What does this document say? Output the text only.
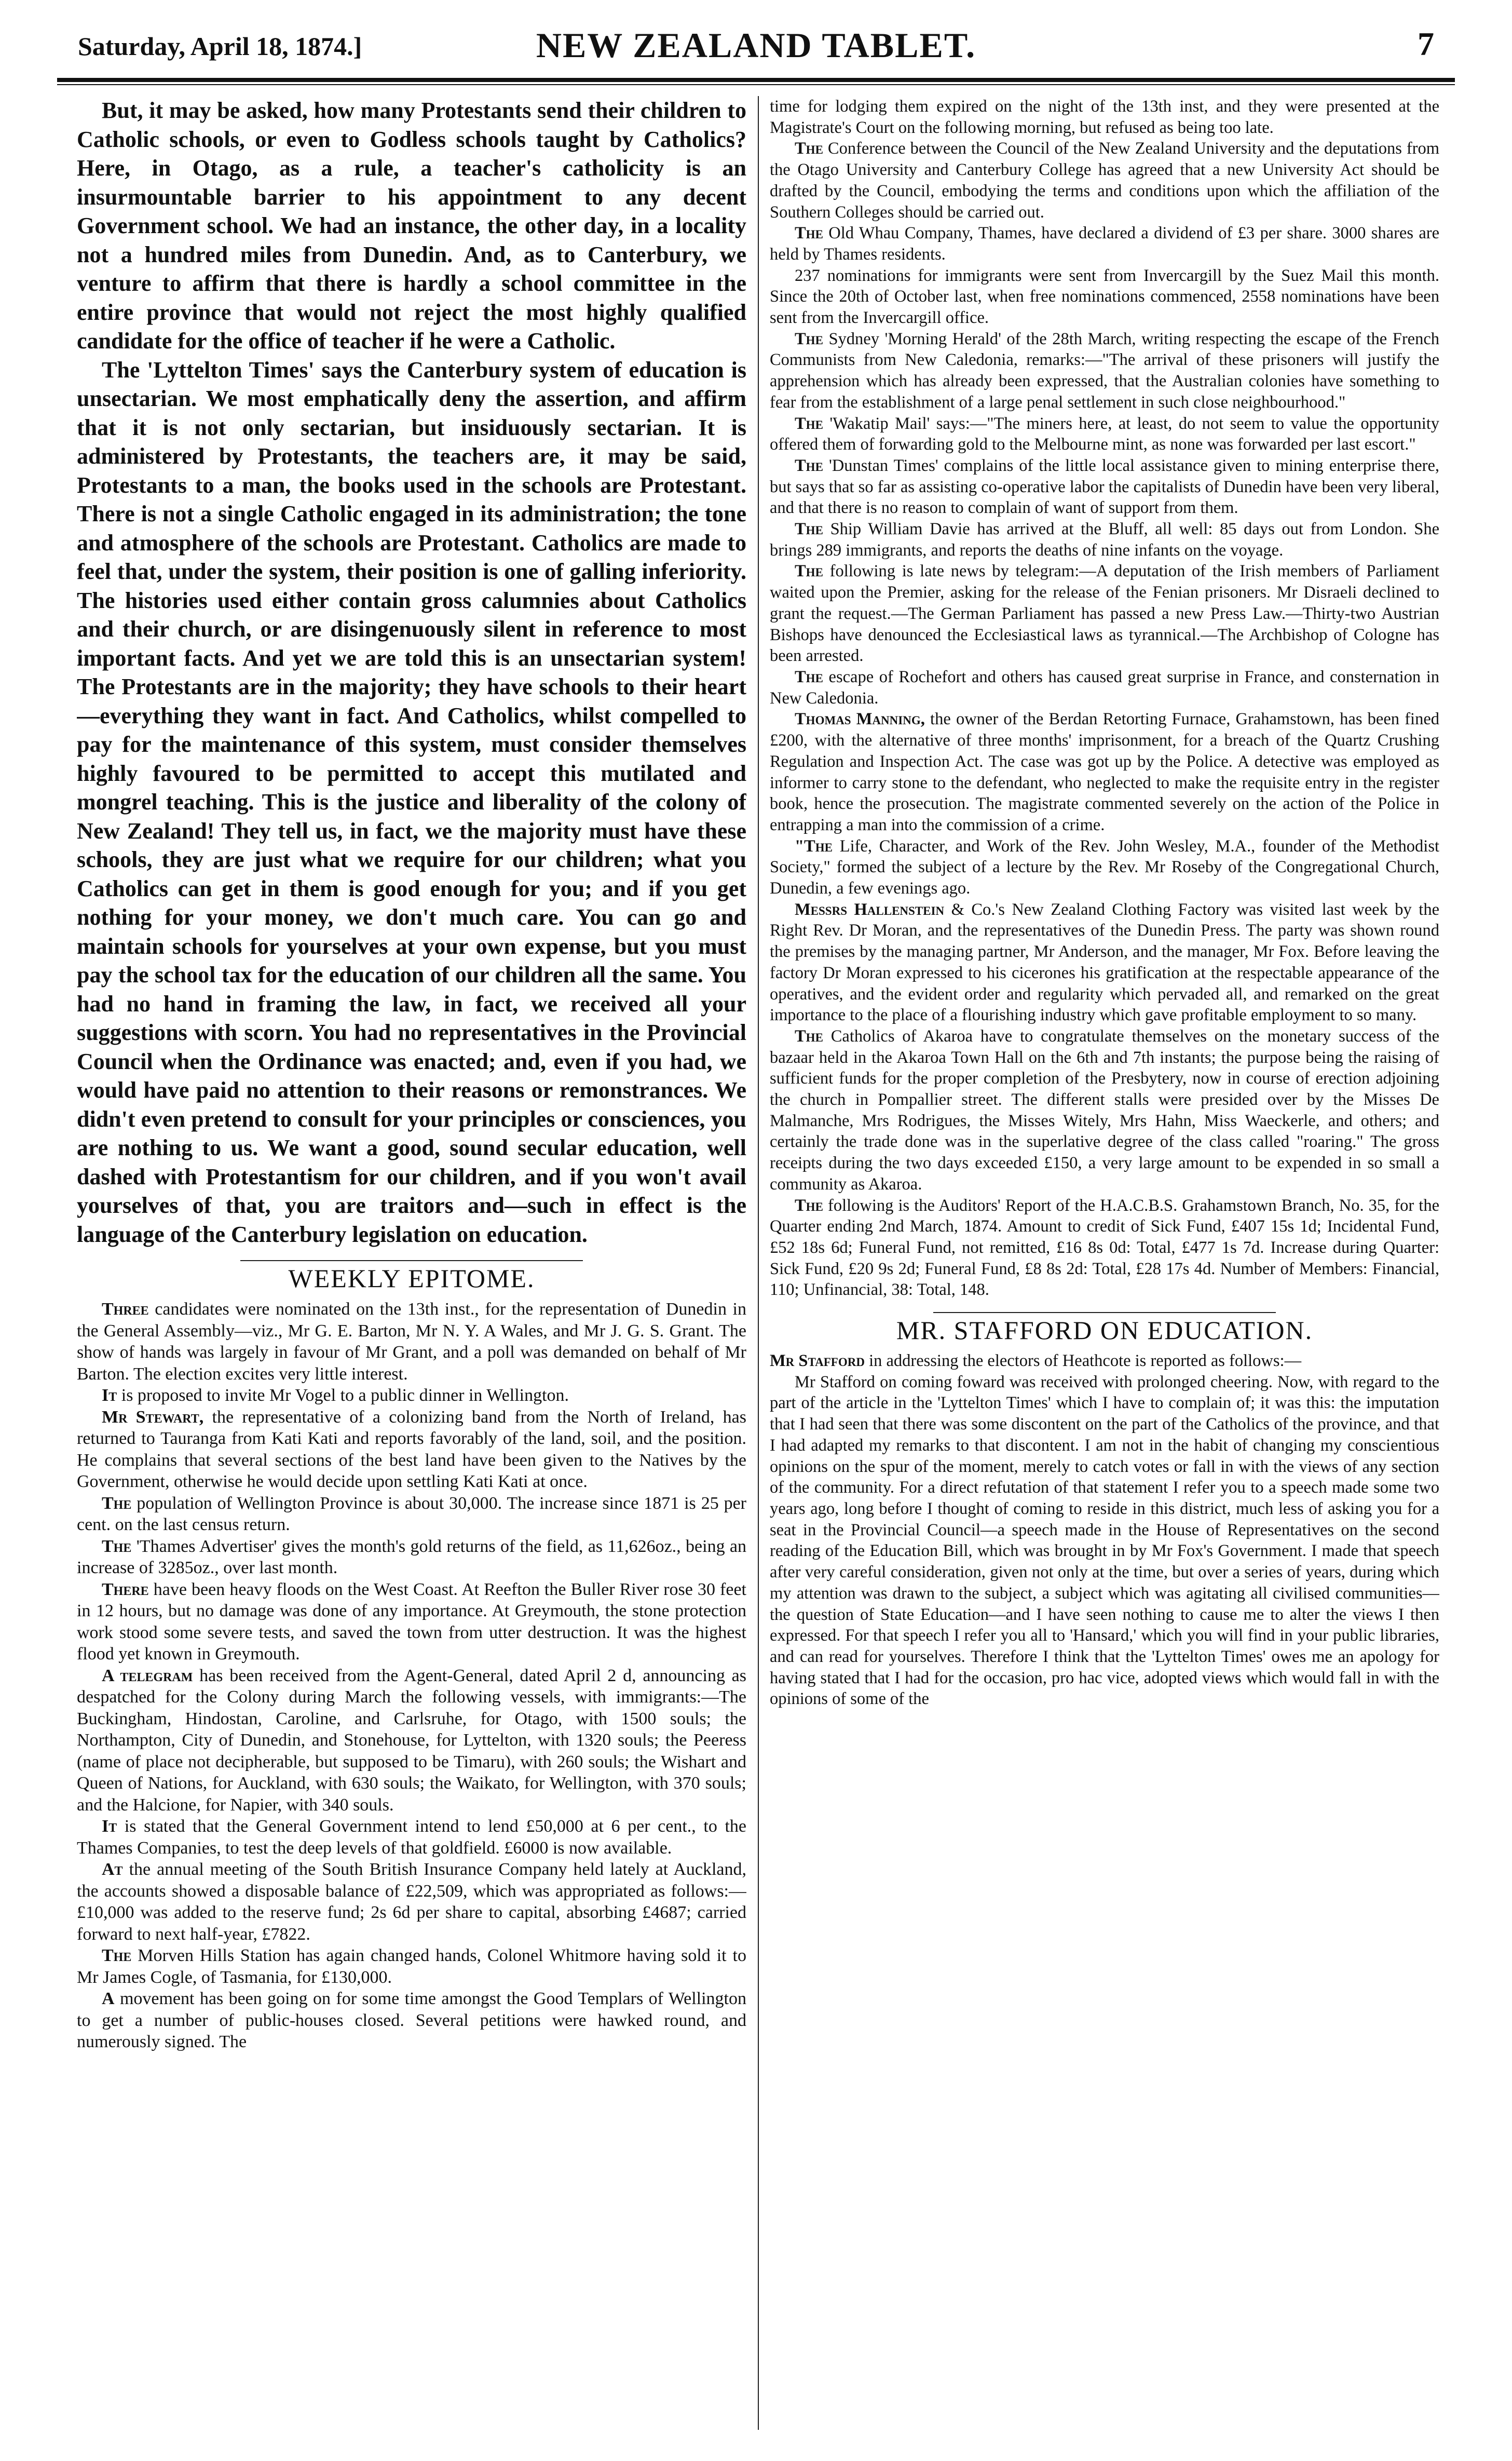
Saturday, April 18, 1874.]	NEW ZEALAND TABLET.	7

But, it may be asked, how many Protestants send their children to Catholic schools, or even to Godless schools taught by Catholics? Here, in Otago, as a rule, a teacher's catholicity is an insurmountable barrier to his appointment to any decent Government school. We had an instance, the other day, in a locality not a hundred miles from Dunedin. And, as to Canterbury, we venture to affirm that there is hardly a school committee in the entire province that would not reject the most highly qualified candidate for the office of teacher if he were a Catholic.

The 'Lyttelton Times' says the Canterbury system of education is unsectarian. We most emphatically deny the assertion, and affirm that it is not only sectarian, but insiduously sectarian. It is administered by Protestants, the teachers are, it may be said, Protestants to a man, the books used in the schools are Protestant. There is not a single Catholic engaged in its administration; the tone and atmosphere of the schools are Protestant. Catholics are made to feel that, under the system, their position is one of galling inferiority. The histories used either contain gross calumnies about Catholics and their church, or are disingenuously silent in reference to most important facts. And yet we are told this is an unsectarian system! The Protestants are in the majority; they have schools to their heart—everything they want in fact. And Catholics, whilst compelled to pay for the maintenance of this system, must consider themselves highly favoured to be permitted to accept this mutilated and mongrel teaching. This is the justice and liberality of the colony of New Zealand! They tell us, in fact, we the majority must have these schools, they are just what we require for our children; what you Catholics can get in them is good enough for you; and if you get nothing for your money, we don't much care. You can go and maintain schools for yourselves at your own expense, but you must pay the school tax for the education of our children all the same. You had no hand in framing the law, in fact, we received all your suggestions with scorn. You had no representatives in the Provincial Council when the Ordinance was enacted; and, even if you had, we would have paid no attention to their reasons or remonstrances. We didn't even pretend to consult for your principles or consciences, you are nothing to us. We want a good, sound secular education, well dashed with Protestantism for our children, and if you won't avail yourselves of that, you are traitors and—such in effect is the language of the Canterbury legislation on education.

WEEKLY EPITOME.

Three candidates were nominated on the 13th inst., for the representation of Dunedin in the General Assembly—viz., Mr G. E. Barton, Mr N. Y. A Wales, and Mr J. G. S. Grant. The show of hands was largely in favour of Mr Grant, and a poll was demanded on behalf of Mr Barton. The election excites very little interest.

It is proposed to invite Mr Vogel to a public dinner in Wellington.

Mr Stewart, the representative of a colonizing band from the North of Ireland, has returned to Tauranga from Kati Kati and reports favorably of the land, soil, and the position. He complains that several sections of the best land have been given to the Natives by the Government, otherwise he would decide upon settling Kati Kati at once.

The population of Wellington Province is about 30,000. The increase since 1871 is 25 per cent. on the last census return.

The 'Thames Advertiser' gives the month's gold returns of the field, as 11,626oz., being an increase of 3285oz., over last month.

There have been heavy floods on the West Coast. At Reefton the Buller River rose 30 feet in 12 hours, but no damage was done of any importance. At Greymouth, the stone protection work stood some severe tests, and saved the town from utter destruction. It was the highest flood yet known in Greymouth.

A telegram has been received from the Agent-General, dated April 2 d, announcing as despatched for the Colony during March the following vessels, with immigrants:—The Buckingham, Hindostan, Caroline, and Carlsruhe, for Otago, with 1500 souls; the Northampton, City of Dunedin, and Stonehouse, for Lyttelton, with 1320 souls; the Peeress (name of place not decipherable, but supposed to be Timaru), with 260 souls; the Wishart and Queen of Nations, for Auckland, with 630 souls; the Waikato, for Wellington, with 370 souls; and the Halcione, for Napier, with 340 souls.

It is stated that the General Government intend to lend £50,000 at 6 per cent., to the Thames Companies, to test the deep levels of that goldfield. £6000 is now available.

At the annual meeting of the South British Insurance Company held lately at Auckland, the accounts showed a disposable balance of £22,509, which was appropriated as follows:—£10,000 was added to the reserve fund; 2s 6d per share to capital, absorbing £4687; carried forward to next half-year, £7822.

The Morven Hills Station has again changed hands, Colonel Whitmore having sold it to Mr James Cogle, of Tasmania, for £130,000.

A movement has been going on for some time amongst the Good Templars of Wellington to get a number of public-houses closed. Several petitions were hawked round, and numerously signed. The

time for lodging them expired on the night of the 13th inst, and they were presented at the Magistrate's Court on the following morning, but refused as being too late.

The Conference between the Council of the New Zealand University and the deputations from the Otago University and Canterbury College has agreed that a new University Act should be drafted by the Council, embodying the terms and conditions upon which the affiliation of the Southern Colleges should be carried out.

The Old Whau Company, Thames, have declared a dividend of £3 per share. 3000 shares are held by Thames residents.

237 nominations for immigrants were sent from Invercargill by the Suez Mail this month. Since the 20th of October last, when free nominations commenced, 2558 nominations have been sent from the Invercargill office.

The Sydney 'Morning Herald' of the 28th March, writing respecting the escape of the French Communists from New Caledonia, remarks:—"The arrival of these prisoners will justify the apprehension which has already been expressed, that the Australian colonies have something to fear from the establishment of a large penal settlement in such close neighbourhood."

The 'Wakatip Mail' says:—"The miners here, at least, do not seem to value the opportunity offered them of forwarding gold to the Melbourne mint, as none was forwarded per last escort."

The 'Dunstan Times' complains of the little local assistance given to mining enterprise there, but says that so far as assisting co-operative labor the capitalists of Dunedin have been very liberal, and that there is no reason to complain of want of support from them.

The Ship William Davie has arrived at the Bluff, all well: 85 days out from London. She brings 289 immigrants, and reports the deaths of nine infants on the voyage.

The following is late news by telegram:—A deputation of the Irish members of Parliament waited upon the Premier, asking for the release of the Fenian prisoners. Mr Disraeli declined to grant the request.—The German Parliament has passed a new Press Law.—Thirty-two Austrian Bishops have denounced the Ecclesiastical laws as tyrannical.—The Archbishop of Cologne has been arrested.

The escape of Rochefort and others has caused great surprise in France, and consternation in New Caledonia.

Thomas Manning, the owner of the Berdan Retorting Furnace, Grahamstown, has been fined £200, with the alternative of three months' imprisonment, for a breach of the Quartz Crushing Regulation and Inspection Act. The case was got up by the Police. A detective was employed as informer to carry stone to the defendant, who neglected to make the requisite entry in the register book, hence the prosecution. The magistrate commented severely on the action of the Police in entrapping a man into the commission of a crime.

"The Life, Character, and Work of the Rev. John Wesley, M.A., founder of the Methodist Society," formed the subject of a lecture by the Rev. Mr Roseby of the Congregational Church, Dunedin, a few evenings ago.

Messrs Hallenstein & Co.'s New Zealand Clothing Factory was visited last week by the Right Rev. Dr Moran, and the representatives of the Dunedin Press. The party was shown round the premises by the managing partner, Mr Anderson, and the manager, Mr Fox. Before leaving the factory Dr Moran expressed to his cicerones his gratification at the respectable appearance of the operatives, and the evident order and regularity which pervaded all, and remarked on the great importance to the place of a flourishing industry which gave profitable employment to so many.

The Catholics of Akaroa have to congratulate themselves on the monetary success of the bazaar held in the Akaroa Town Hall on the 6th and 7th instants; the purpose being the raising of sufficient funds for the proper completion of the Presbytery, now in course of erection adjoining the church in Pompallier street. The different stalls were presided over by the Misses De Malmanche, Mrs Rodrigues, the Misses Witely, Mrs Hahn, Miss Waeckerle, and others; and certainly the trade done was in the superlative degree of the class called "roaring." The gross receipts during the two days exceeded £150, a very large amount to be expended in so small a community as Akaroa.

The following is the Auditors' Report of the H.A.C.B.S. Grahamstown Branch, No. 35, for the Quarter ending 2nd March, 1874. Amount to credit of Sick Fund, £407 15s 1d; Incidental Fund, £52 18s 6d; Funeral Fund, not remitted, £16 8s 0d: Total, £477 1s 7d. Increase during Quarter: Sick Fund, £20 9s 2d; Funeral Fund, £8 8s 2d: Total, £28 17s 4d. Number of Members: Financial, 110; Unfinancial, 38: Total, 148.

MR. STAFFORD ON EDUCATION.

Mr Stafford in addressing the electors of Heathcote is reported as follows:—

Mr Stafford on coming foward was received with prolonged cheering. Now, with regard to the part of the article in the 'Lyttelton Times' which I have to complain of; it was this: the imputation that I had seen that there was some discontent on the part of the Catholics of the province, and that I had adapted my remarks to that discontent. I am not in the habit of changing my conscientious opinions on the spur of the moment, merely to catch votes or fall in with the views of any section of the community. For a direct refutation of that statement I refer you to a speech made some two years ago, long before I thought of coming to reside in this district, much less of asking you for a seat in the Provincial Council—a speech made in the House of Representatives on the second reading of the Education Bill, which was brought in by Mr Fox's Government. I made that speech after very careful consideration, given not only at the time, but over a series of years, during which my attention was drawn to the subject, a subject which was agitating all civilised communities—the question of State Education—and I have seen nothing to cause me to alter the views I then expressed. For that speech I refer you all to 'Hansard,' which you will find in your public libraries, and can read for yourselves. Therefore I think that the 'Lyttelton Times' owes me an apology for having stated that I had for the occasion, pro hac vice, adopted views which would fall in with the opinions of some of the
